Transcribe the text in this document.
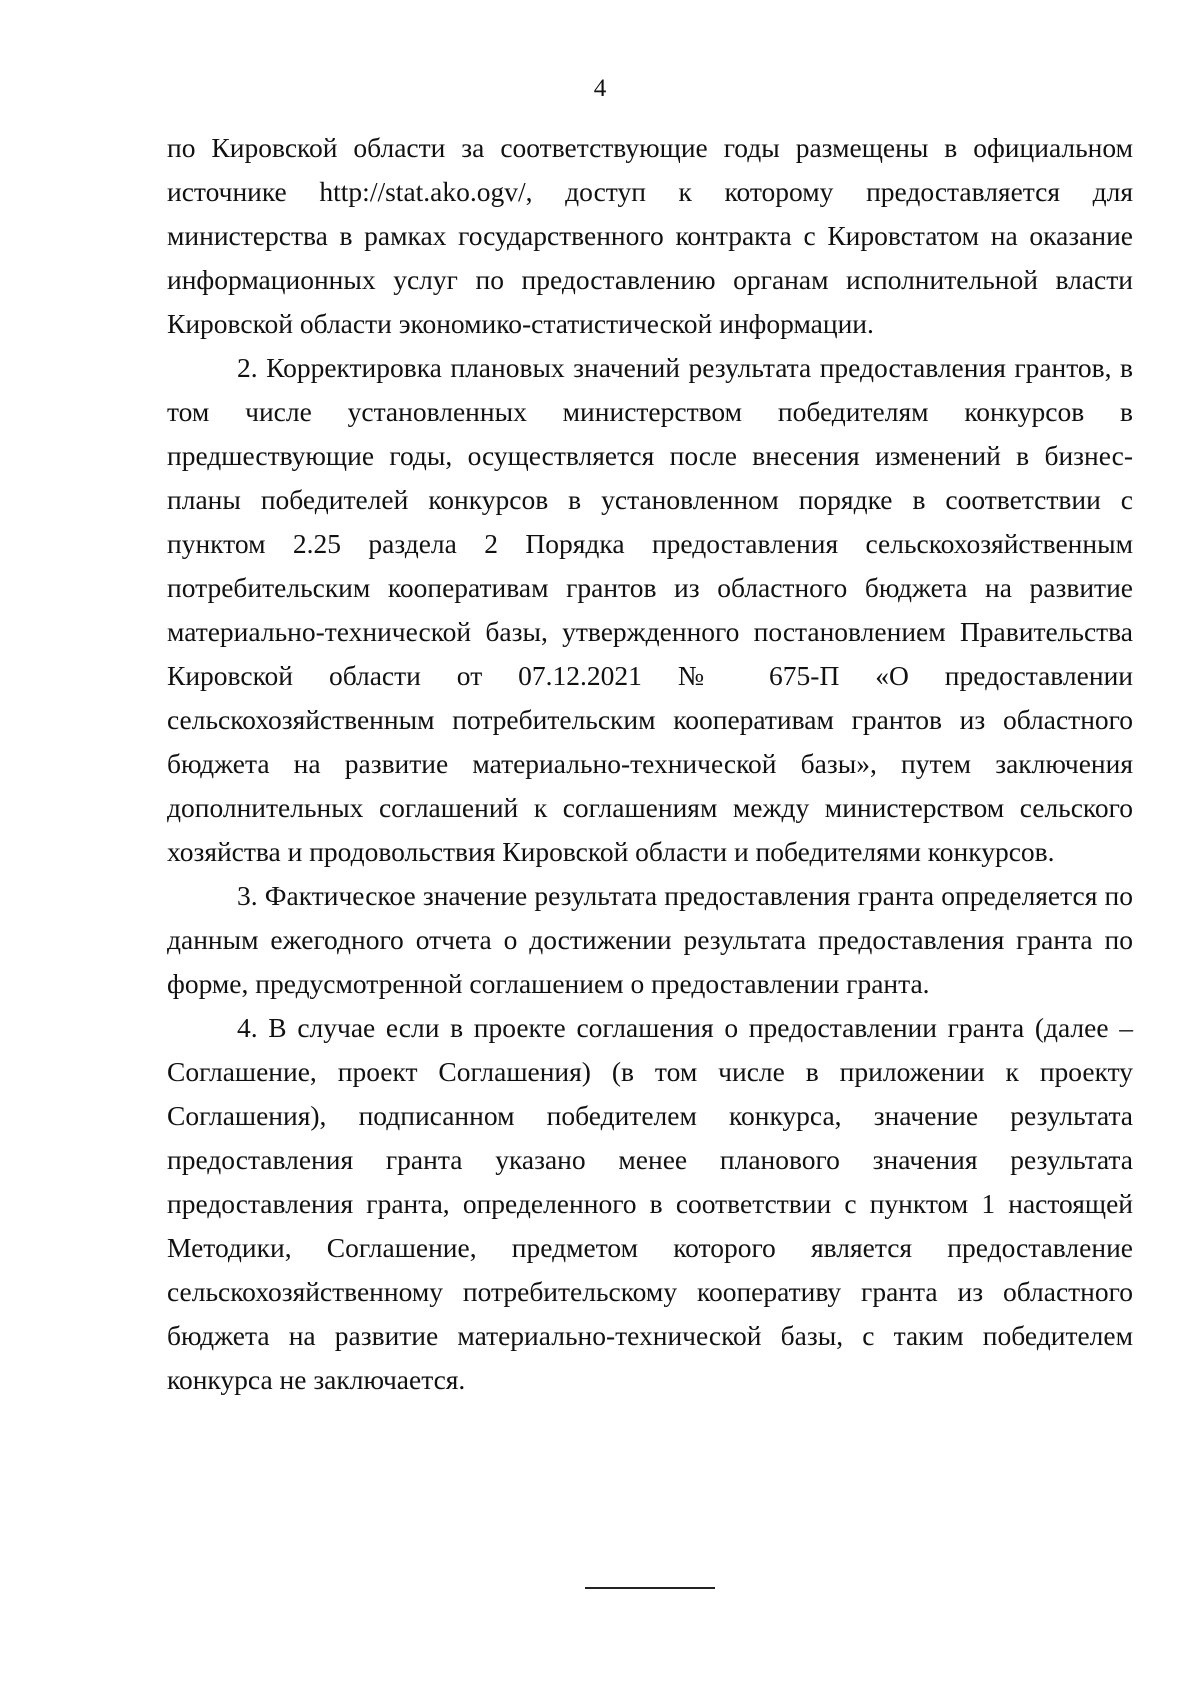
4

по Кировской области за соответствующие годы размещены в официальном источнике http://stat.ako.ogv/, доступ к которому предоставляется для министерства в рамках государственного контракта с Кировстатом на оказание информационных услуг по предоставлению органам исполнительной власти Кировской области экономико-статистической информации.

2. Корректировка плановых значений результата предоставления грантов, в том числе установленных министерством победителям конкурсов в предшествующие годы, осуществляется после внесения изменений в бизнес-планы победителей конкурсов в установленном порядке в соответствии с пунктом 2.25 раздела 2 Порядка предоставления сельскохозяйственным потребительским кооперативам грантов из областного бюджета на развитие материально-технической базы, утвержденного постановлением Правительства Кировской области от 07.12.2021 № 675-П «О предоставлении сельскохозяйственным потребительским кооперативам грантов из областного бюджета на развитие материально-технической базы», путем заключения дополнительных соглашений к соглашениям между министерством сельского хозяйства и продовольствия Кировской области и победителями конкурсов.

3. Фактическое значение результата предоставления гранта определяется по данным ежегодного отчета о достижении результата предоставления гранта по форме, предусмотренной соглашением о предоставлении гранта.

4. В случае если в проекте соглашения о предоставлении гранта (далее – Соглашение, проект Соглашения) (в том числе в приложении к проекту Соглашения), подписанном победителем конкурса, значение результата предоставления гранта указано менее планового значения результата предоставления гранта, определенного в соответствии с пунктом 1 настоящей Методики, Соглашение, предметом которого является предоставление сельскохозяйственному потребительскому кооперативу гранта из областного бюджета на развитие материально-технической базы, с таким победителем конкурса не заключается.
